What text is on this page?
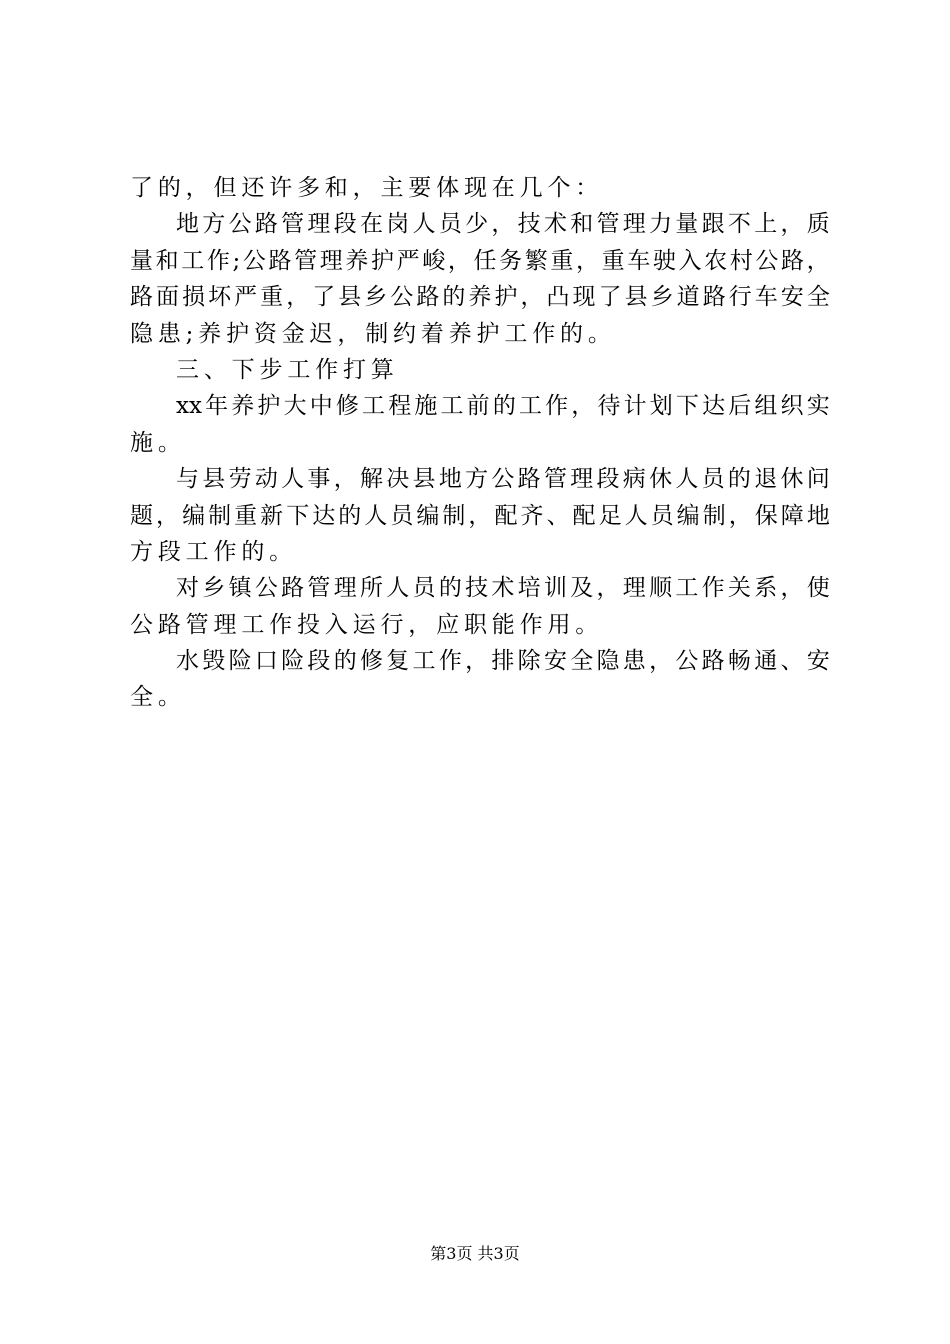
了的，但还许多和，主要体现在几个：
地 方 公 路 管 理 段 在 岗 人 员 少 ， 技 术 和 管 理 力 量 跟 不 上 ， 质
量 和 工 作 ; 公 路 管 理 养 护 严 峻 ， 任 务 繁 重 ， 重 车 驶 入 农 村 公 路 ，
路 面 损 坏 严 重 ， 了 县 乡 公 路 的 养 护 ， 凸 现 了 县 乡 道 路 行 车 安 全
隐患;养护资金迟，制约着养护工作的。
三、下步工作打算
xx 年 养 护 大 中 修 工 程 施 工 前 的 工 作 ， 待 计 划 下 达 后 组 织 实
施。
与 县 劳 动 人 事 ， 解 决 县 地 方 公 路 管 理 段 病 休 人 员 的 退 休 问
题 ， 编 制 重 新 下 达 的 人 员 编 制 ， 配 齐 、 配 足 人 员 编 制 ， 保 障 地
方段工作的。
对 乡 镇 公 路 管 理 所 人 员 的 技 术 培 训 及 ， 理 顺 工 作 关 系 ， 使
公路管理工作投入运行，应职能作用。
水 毁 险 口 险 段 的 修 复 工 作 ， 排 除 安 全 隐 患 ， 公 路 畅 通 、 安
全。
第3页 共3页
